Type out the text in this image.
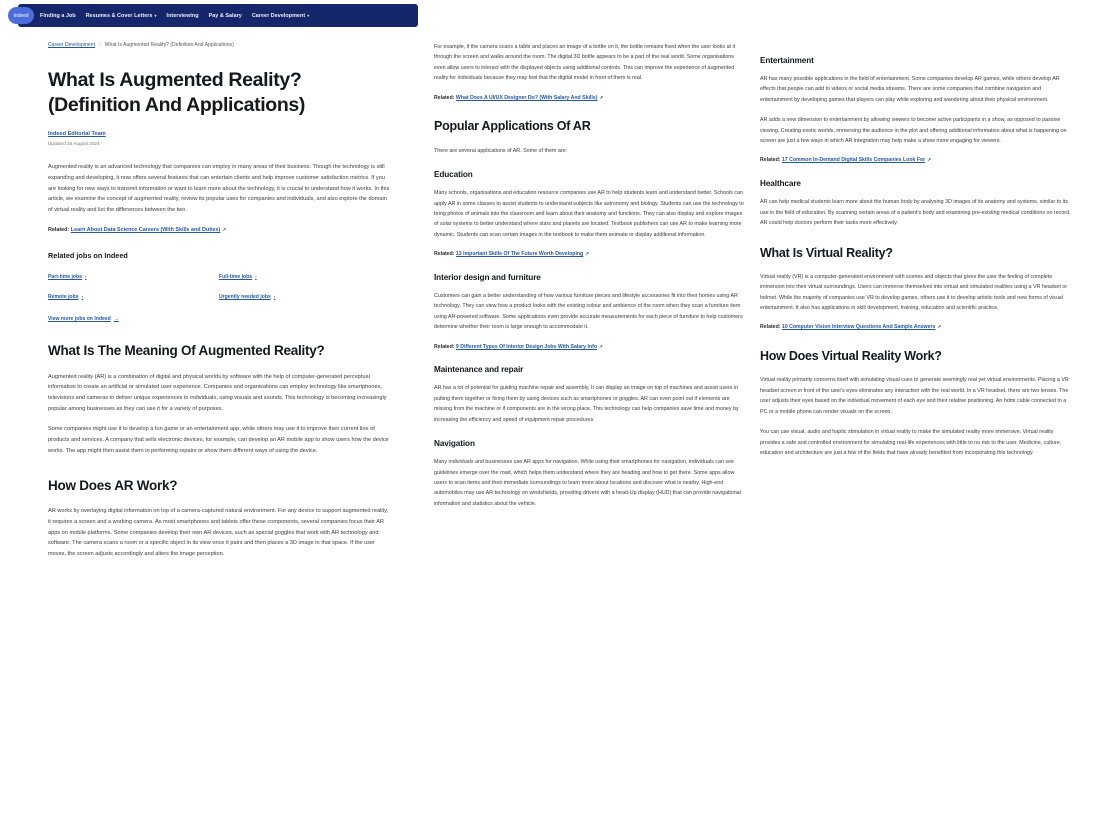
indeed	Finding a Job Resumes & Cover Letters ▾ Interviewing Pay & Salary Career Development ▾
Career Development › What Is Augmented Reality? (Definition And Applications)
What Is Augmented Reality? (Definition And Applications)
Indeed Editorial Team
Updated 16 August 2024

Augmented reality is an advanced technology that companies can employ in many areas of their business. Though the technology is still expanding and developing, it now offers several features that can entertain clients and help improve customer satisfaction metrics. If you are looking for new ways to transmit information or want to learn more about the technology, it is crucial to understand how it works. In this article, we examine the concept of augmented reality, review its popular uses for companies and individuals, and also explore the domain of virtual reality and list the differences between the two.

Related: Learn About Data Science Careers (With Skills and Duties) ↗
Related jobs on Indeed
Part-time jobs ›	Full-time jobs ›
Remote jobs ›	Urgently needed jobs ›
View more jobs on Indeed →
What Is The Meaning Of Augmented Reality?

Augmented reality (AR) is a combination of digital and physical worlds by software with the help of computer-generated perceptual information to create an artificial or simulated user experience. Companies and organisations can employ technology like smartphones, televisions and cameras to deliver unique experiences to individuals, using visuals and sounds. This technology is becoming increasingly popular among businesses as they can use it for a variety of purposes.

Some companies might use it to develop a fun game or an entertainment app, while others may use it to improve their current line of products and services. A company that sells electronic devices, for example, can develop an AR mobile app to show users how the device works. The app might then assist them in performing repairs or show them different ways of using the device.

How Does AR Work?

AR works by overlaying digital information on top of a camera-captured natural environment. For any device to support augmented reality, it requires a screen and a working camera. As most smartphones and tablets offer these components, several companies focus their AR apps on mobile platforms. Some companies develop their own AR devices, such as special goggles that work with AR technology and software. The camera scans a room or a specific object in its view once it pairs and then places a 3D image in that space. If the user moves, the screen adjusts accordingly and alters the image perception.

For example, if the camera scans a table and places an image of a bottle on it, the bottle remains fixed when the user looks at it through the screen and walks around the room. The digital 3D bottle appears to be a part of the real world. Some organisations even allow users to interact with the displayed objects using additional controls. This can improve the experience of augmented reality for individuals because they may feel that the digital model in front of them is real.

Related: What Does A UI/UX Designer Do? (With Salary And Skills) ↗
Popular Applications Of AR

There are several applications of AR. Some of them are:

Education

Many schools, organisations and education resource companies use AR to help students learn and understand better. Schools can apply AR in some classes to assist students to understand subjects like astronomy and biology. Students can use the technology to bring photos of animals into the classroom and learn about their anatomy and functions. They can also display and explore images of solar systems to better understand where stars and planets are located. Textbook publishers can use AR to make learning more dynamic. Students can scan certain images in the textbook to make them animate or display additional information.

Related: 13 Important Skills Of The Future Worth Developing ↗
Interior design and furniture

Customers can gain a better understanding of how various furniture pieces and lifestyle accessories fit into their homes using AR technology. They can view how a product looks with the existing colour and ambience of the room when they scan a furniture item using AR-powered software. Some applications even provide accurate measurements for each piece of furniture to help customers determine whether their room is large enough to accommodate it.

Related: 9 Different Types Of Interior Design Jobs With Salary Info ↗
Maintenance and repair

AR has a lot of potential for guiding machine repair and assembly. It can display an image on top of machines and assist users in putting them together or fixing them by using devices such as smartphones or goggles. AR can even point out if elements are missing from the machine or if components are in the wrong place. This technology can help companies save time and money by increasing the efficiency and speed of equipment repair procedures.

Navigation

Many individuals and businesses use AR apps for navigation. While using their smartphones for navigation, individuals can see guidelines emerge over the road, which helps them understand where they are heading and how to get there. Some apps allow users to scan items and their immediate surroundings to learn more about locations and discover what is nearby. High-end automobiles may use AR technology on windshields, providing drivers with a head-Up display (HUD) that can provide navigational information and statistics about the vehicle.

Entertainment

AR has many possible applications in the field of entertainment. Some companies develop AR games, while others develop AR effects that people can add to videos or social media streams. There are some companies that combine navigation and entertainment by developing games that players can play while exploring and wandering about their physical environment.

AR adds a new dimension to entertainment by allowing viewers to become active participants in a show, as opposed to passive viewing. Creating exotic worlds, immersing the audience in the plot and offering additional information about what is happening on screen are just a few ways in which AR integration may help make a show more engaging for viewers.

Related: 17 Common In-Demand Digital Skills Companies Look For ↗
Healthcare

AR can help medical students learn more about the human body by analysing 3D images of its anatomy and systems, similar to its use in the field of education. By scanning certain areas of a patient's body and examining pre-existing medical conditions on record, AR could help doctors perform their tasks more effectively.

What Is Virtual Reality?

Virtual reality (VR) is a computer-generated environment with scenes and objects that gives the user the feeling of complete immersion into their virtual surroundings. Users can immerse themselves into virtual and simulated realities using a VR headset or helmet. While the majority of companies use VR to develop games, others use it to develop artistic tools and new forms of visual entertainment. It also has applications in skill development, training, education and scientific practice.

Related: 10 Computer Vision Interview Questions And Sample Answers ↗
How Does Virtual Reality Work?

Virtual reality primarily concerns itself with simulating visual cues to generate seemingly real yet virtual environments. Placing a VR headset screen in front of the user's eyes eliminates any interaction with the real world. In a VR headset, there are two lenses. The user adjusts their eyes based on the individual movement of each eye and their relative positioning. An hdmi cable connected to a PC or a mobile phone can render visuals on the screen.

You can use visual, audio and haptic stimulation in virtual reality to make the simulated reality more immersive. Virtual reality provides a safe and controlled environment for simulating real-life experiences with little to no risk to the user. Medicine, culture, education and architecture are just a few of the fields that have already benefited from incorporating this technology.
